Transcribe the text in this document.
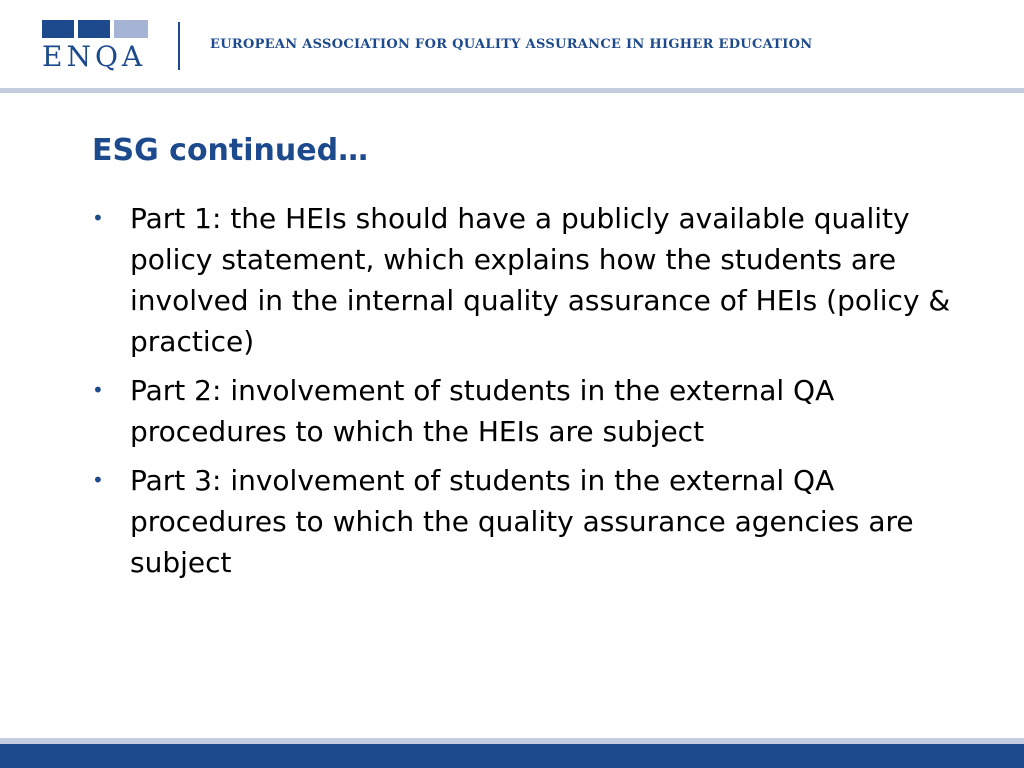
ENQA	EUROPEAN ASSOCIATION FOR QUALITY ASSURANCE IN HIGHER EDUCATION
ESG continued…
• Part 1: the HEIs should have a publicly available quality policy statement, which explains how the students are involved in the internal quality assurance of HEIs (policy & practice)
• Part 2: involvement of students in the external QA procedures to which the HEIs are subject
• Part 3: involvement of students in the external QA procedures to which the quality assurance agencies are subject
